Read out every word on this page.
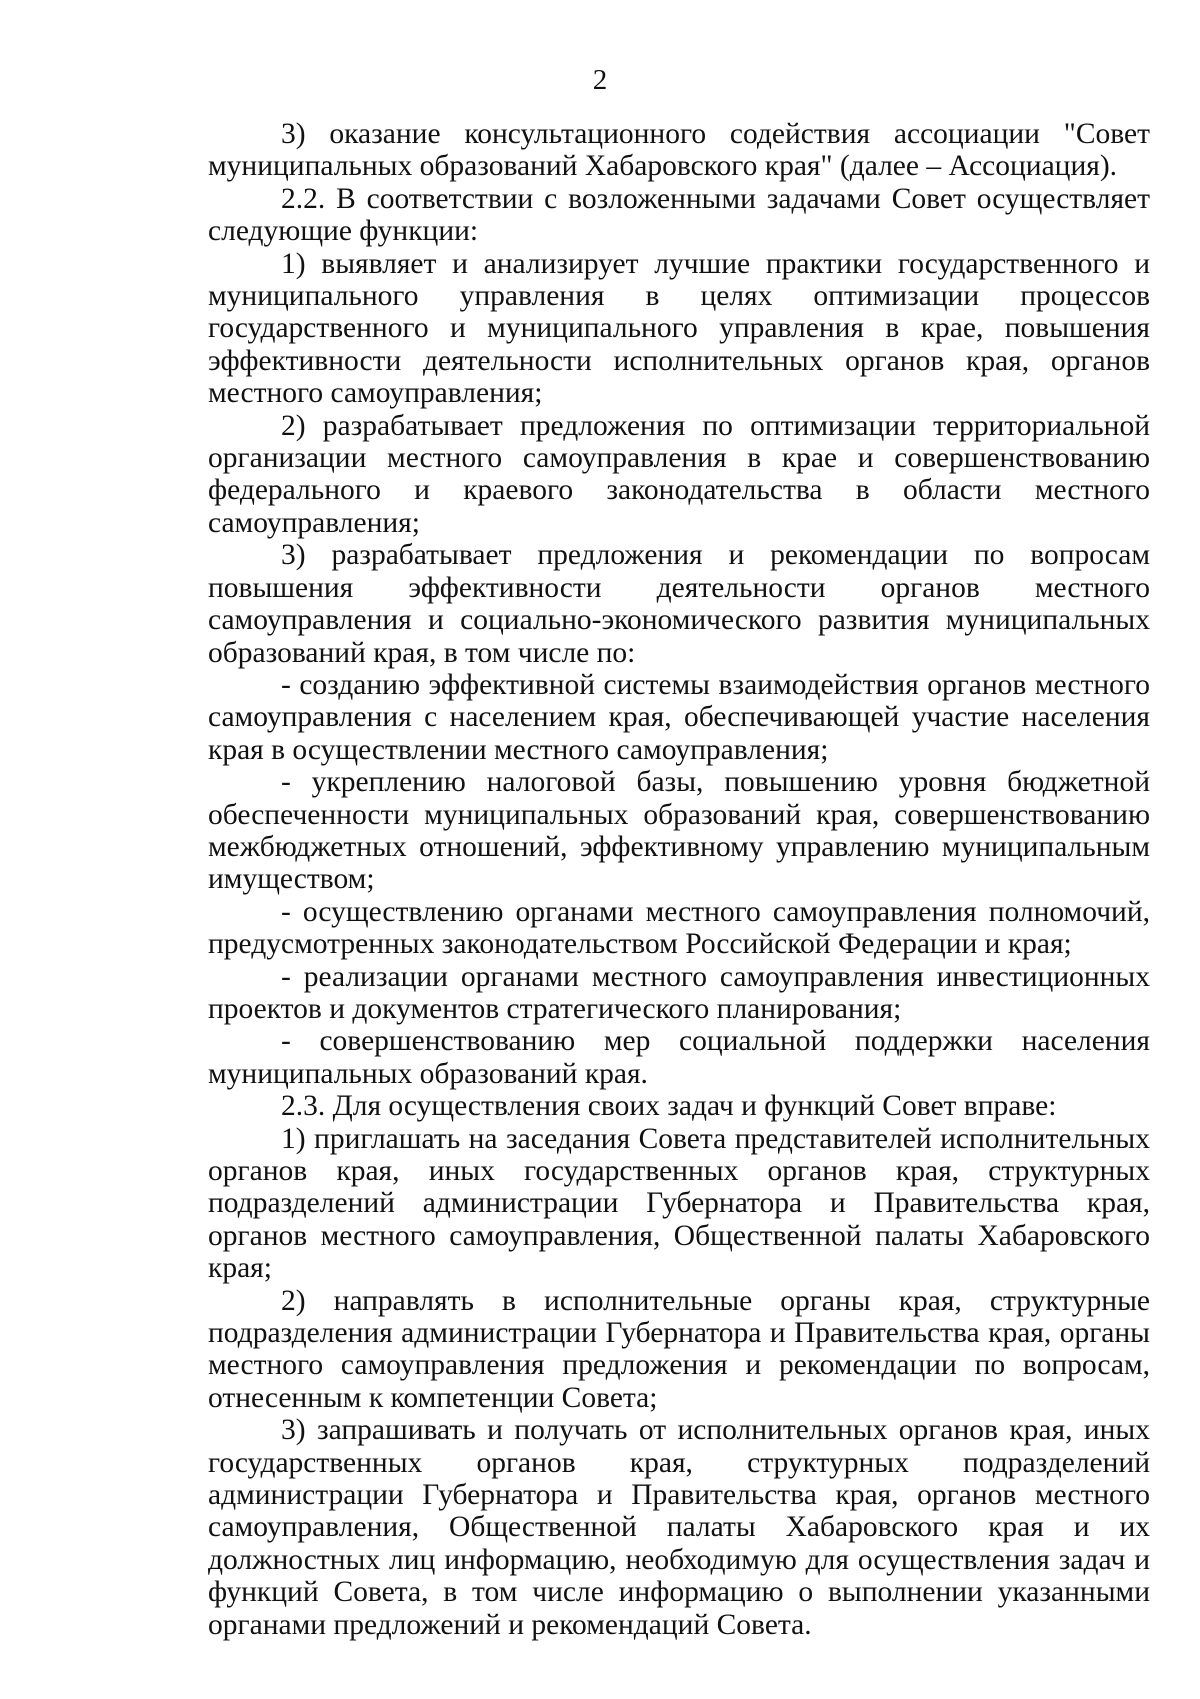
2

3) оказание консультационного содействия ассоциации "Совет муниципальных образований Хабаровского края" (далее – Ассоциация).

2.2. В соответствии с возложенными задачами Совет осуществляет следующие функции:

1) выявляет и анализирует лучшие практики государственного и муниципального управления в целях оптимизации процессов государственного и муниципального управления в крае, повышения эффективности деятельности исполнительных органов края, органов местного самоуправления;

2) разрабатывает предложения по оптимизации территориальной организации местного самоуправления в крае и совершенствованию федерального и краевого законодательства в области местного самоуправления;

3) разрабатывает предложения и рекомендации по вопросам повышения эффективности деятельности органов местного самоуправления и социально-экономического развития муниципальных образований края, в том числе по:

- созданию эффективной системы взаимодействия органов местного самоуправления с населением края, обеспечивающей участие населения края в осуществлении местного самоуправления;

- укреплению налоговой базы, повышению уровня бюджетной обеспеченности муниципальных образований края, совершенствованию межбюджетных отношений, эффективному управлению муниципальным имуществом;

- осуществлению органами местного самоуправления полномочий, предусмотренных законодательством Российской Федерации и края;

- реализации органами местного самоуправления инвестиционных проектов и документов стратегического планирования;

- совершенствованию мер социальной поддержки населения муниципальных образований края.

2.3. Для осуществления своих задач и функций Совет вправе:

1) приглашать на заседания Совета представителей исполнительных органов края, иных государственных органов края, структурных подразделений администрации Губернатора и Правительства края, органов местного самоуправления, Общественной палаты Хабаровского края;

2) направлять в исполнительные органы края, структурные подразделения администрации Губернатора и Правительства края, органы местного самоуправления предложения и рекомендации по вопросам, отнесенным к компетенции Совета;

3) запрашивать и получать от исполнительных органов края, иных государственных органов края, структурных подразделений администрации Губернатора и Правительства края, органов местного самоуправления, Общественной палаты Хабаровского края и их должностных лиц информацию, необходимую для осуществления задач и функций Совета, в том числе информацию о выполнении указанными органами предложений и рекомендаций Совета.
